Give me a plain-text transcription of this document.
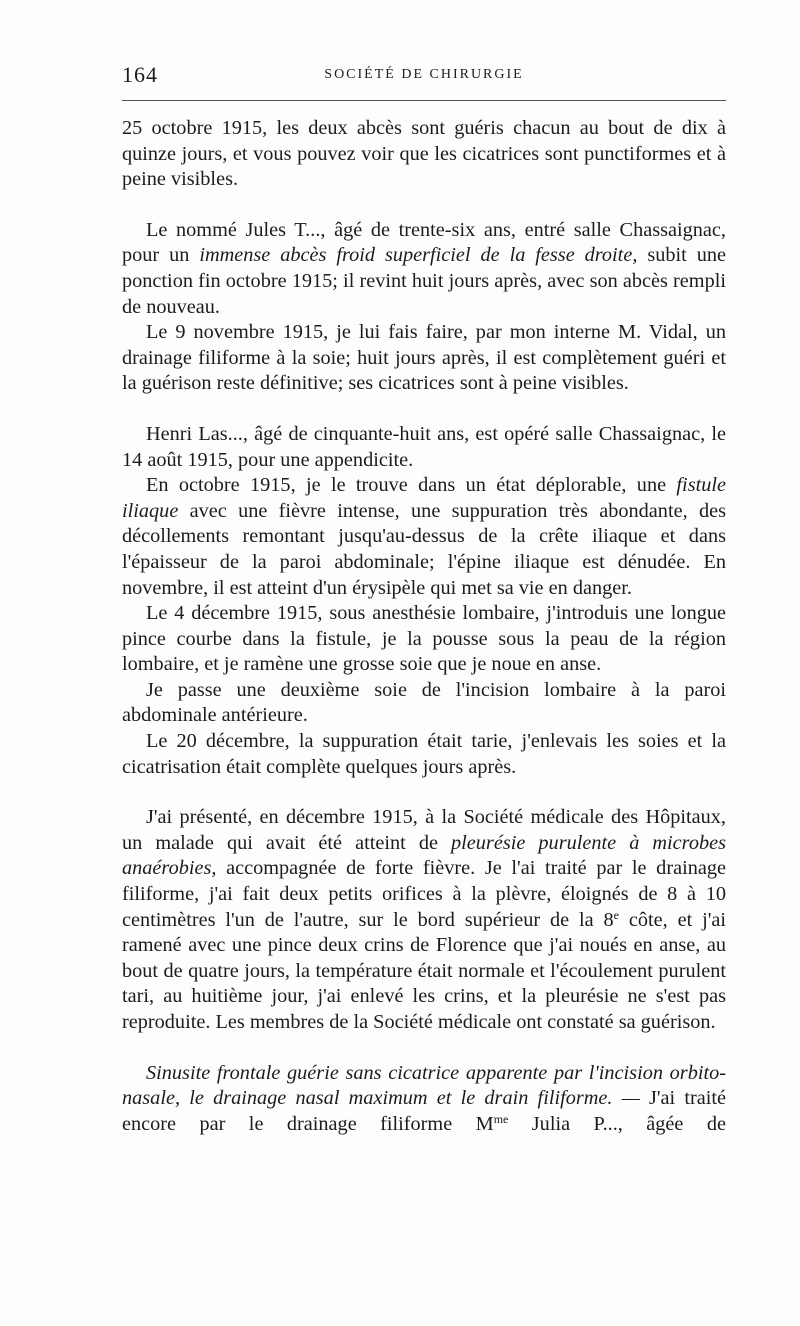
164	SOCIÉTÉ DE CHIRURGIE

25 octobre 1915, les deux abcès sont guéris chacun au bout de dix à quinze jours, et vous pouvez voir que les cicatrices sont punctiformes et à peine visibles.

Le nommé Jules T..., âgé de trente-six ans, entré salle Chassaignac, pour un immense abcès froid superficiel de la fesse droite, subit une ponction fin octobre 1915; il revint huit jours après, avec son abcès rempli de nouveau.

Le 9 novembre 1915, je lui fais faire, par mon interne M. Vidal, un drainage filiforme à la soie; huit jours après, il est complètement guéri et la guérison reste définitive; ses cicatrices sont à peine visibles.

Henri Las..., âgé de cinquante-huit ans, est opéré salle Chassaignac, le 14 août 1915, pour une appendicite.

En octobre 1915, je le trouve dans un état déplorable, une fistule iliaque avec une fièvre intense, une suppuration très abondante, des décollements remontant jusqu'au-dessus de la crête iliaque et dans l'épaisseur de la paroi abdominale; l'épine iliaque est dénudée. En novembre, il est atteint d'un érysipèle qui met sa vie en danger.

Le 4 décembre 1915, sous anesthésie lombaire, j'introduis une longue pince courbe dans la fistule, je la pousse sous la peau de la région lombaire, et je ramène une grosse soie que je noue en anse.

Je passe une deuxième soie de l'incision lombaire à la paroi abdominale antérieure.

Le 20 décembre, la suppuration était tarie, j'enlevais les soies et la cicatrisation était complète quelques jours après.

J'ai présenté, en décembre 1915, à la Société médicale des Hôpitaux, un malade qui avait été atteint de pleurésie purulente à microbes anaérobies, accompagnée de forte fièvre. Je l'ai traité par le drainage filiforme, j'ai fait deux petits orifices à la plèvre, éloignés de 8 à 10 centimètres l'un de l'autre, sur le bord supérieur de la 8e côte, et j'ai ramené avec une pince deux crins de Florence que j'ai noués en anse, au bout de quatre jours, la température était normale et l'écoulement purulent tari, au huitième jour, j'ai enlevé les crins, et la pleurésie ne s'est pas reproduite. Les membres de la Société médicale ont constaté sa guérison.

Sinusite frontale guérie sans cicatrice apparente par l'incision orbito-nasale, le drainage nasal maximum et le drain filiforme. — J'ai traité encore par le drainage filiforme $M^{me}$ Julia P..., âgée de
